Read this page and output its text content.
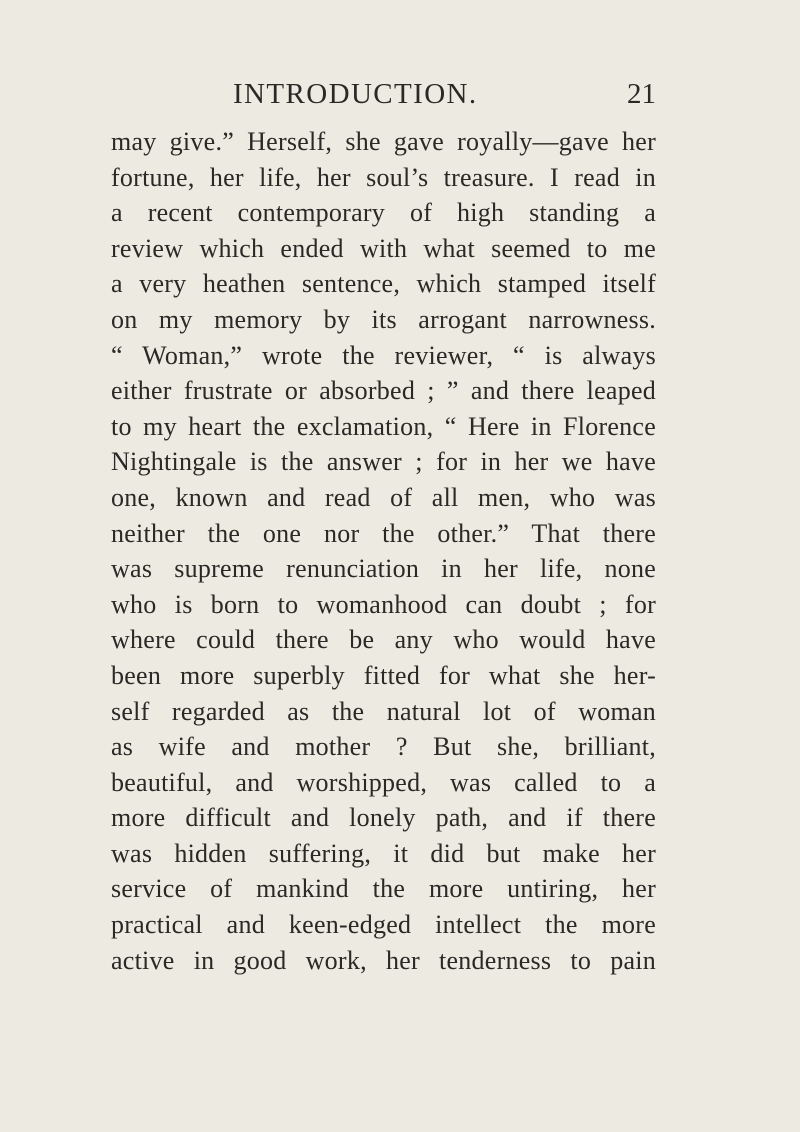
INTRODUCTION.	21
may give.” Herself, she gave royally—gave her
fortune, her life, her soul’s treasure. I read in
a recent contemporary of high standing a
review which ended with what seemed to me
a very heathen sentence, which stamped itself
on my memory by its arrogant narrowness.
“ Woman,” wrote the reviewer, “ is always
either frustrate or absorbed ; ” and there leaped
to my heart the exclamation, “ Here in Florence
Nightingale is the answer ; for in her we have
one, known and read of all men, who was
neither the one nor the other.” That there
was supreme renunciation in her life, none
who is born to womanhood can doubt ; for
where could there be any who would have
been more superbly fitted for what she her-
self regarded as the natural lot of woman
as wife and mother ? But she, brilliant,
beautiful, and worshipped, was called to a
more difficult and lonely path, and if there
was hidden suffering, it did but make her
service of mankind the more untiring, her
practical and keen-edged intellect the more
active in good work, her tenderness to pain
